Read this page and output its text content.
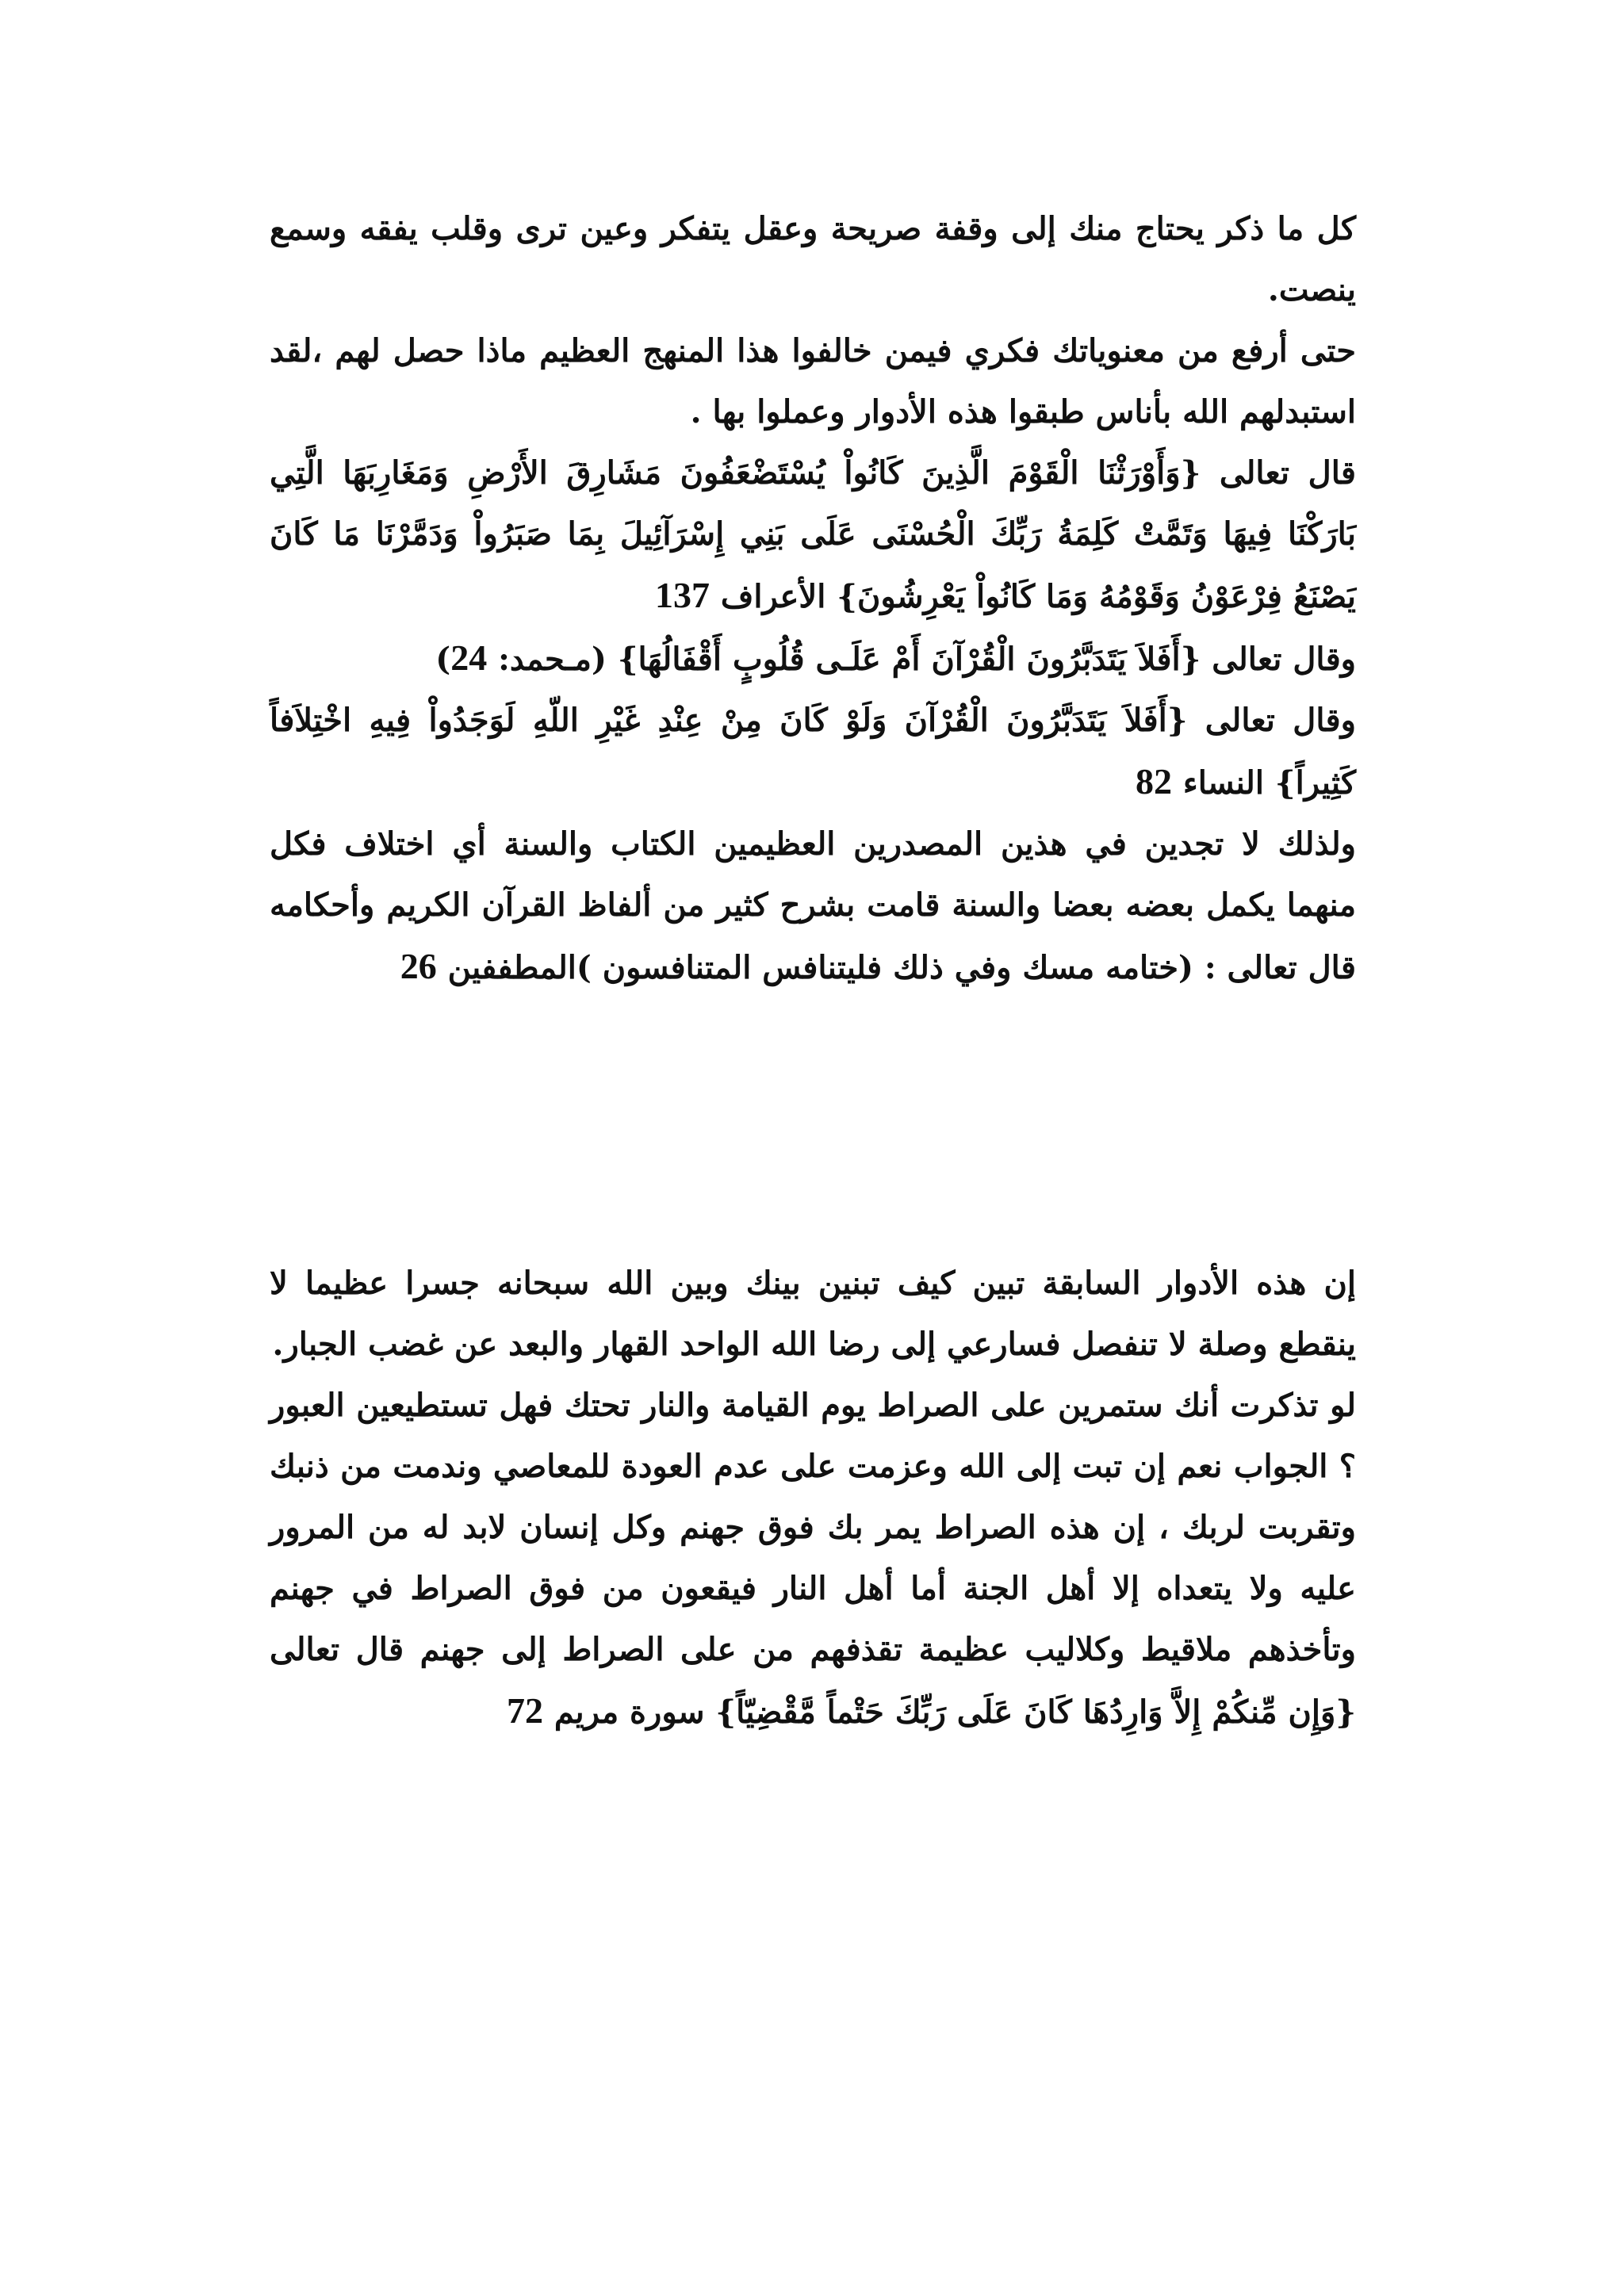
كل ما ذكر يحتاج منك إلى وقفة صريحة وعقل يتفكر وعين ترى وقلب يفقه وسمع ينصت.

حتى أرفع من معنوياتك فكري فيمن خالفوا هذا المنهج العظيم ماذا حصل لهم ،لقد استبدلهم الله بأناس طبقوا هذه الأدوار وعملوا بها .

قال تعالى {وَأَوْرَثْنَا الْقَوْمَ الَّذِينَ كَانُواْ يُسْتَضْعَفُونَ مَشَارِقَ الأَرْضِ وَمَغَارِبَهَا الَّتِي بَارَكْنَا فِيهَا وَتَمَّتْ كَلِمَةُ رَبِّكَ الْحُسْنَى عَلَى بَنِي إِسْرَآئِيلَ بِمَا صَبَرُواْ وَدَمَّرْنَا مَا كَانَ يَصْنَعُ فِرْعَوْنُ وَقَوْمُهُ وَمَا كَانُواْ يَعْرِشُونَ} الأعراف 137

وقال تعالى {أَفَلاَ يَتَدَبَّرُونَ الْقُرْآنَ أَمْ عَلَـى قُلُوبٍ أَقْفَالُهَا} (مـحمد: 24)

وقال تعالى {أَفَلاَ يَتَدَبَّرُونَ الْقُرْآنَ وَلَوْ كَانَ مِنْ عِنْدِ غَيْرِ اللّهِ لَوَجَدُواْ فِيهِ اخْتِلاَفاً كَثِيراً} النساء 82

ولذلك لا تجدين في هذين المصدرين العظيمين الكتاب والسنة أي اختلاف فكل منهما يكمل بعضه بعضا والسنة قامت بشرح كثير من ألفاظ القرآن الكريم وأحكامه قال تعالى : (ختامه مسك وفي ذلك فليتنافس المتنافسون )المطففين 26

إن هذه الأدوار السابقة تبين كيف تبنين بينك وبين الله سبحانه جسرا عظيما لا ينقطع وصلة لا تنفصل فسارعي إلى رضا الله الواحد القهار والبعد عن غضب الجبار.

لو تذكرت أنك ستمرين على الصراط يوم القيامة والنار تحتك فهل تستطيعين العبور ؟ الجواب نعم إن تبت إلى الله وعزمت على عدم العودة للمعاصي وندمت من ذنبك وتقربت لربك ، إن هذه الصراط يمر بك فوق جهنم وكل إنسان لابد له من المرور عليه ولا يتعداه إلا أهل الجنة أما أهل النار فيقعون من فوق الصراط في جهنم وتأخذهم ملاقيط وكلاليب عظيمة تقذفهم من على الصراط إلى جهنم قال تعالى {وَإِن مِّنكُمْ إِلاَّ وَارِدُهَا كَانَ عَلَى رَبِّكَ حَتْماً مَّقْضِيّاً} سورة مريم 72
